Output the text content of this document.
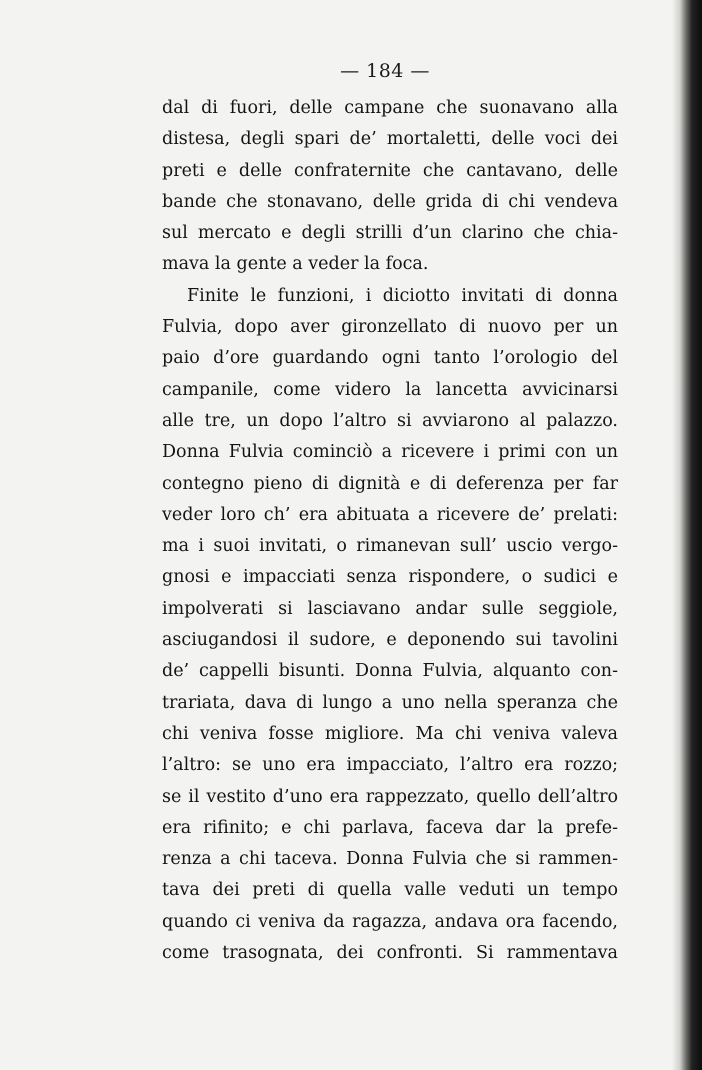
— 184 —
dal di fuori, delle campane che suonavano alla
distesa, degli spari de’ mortaletti, delle voci dei
preti e delle confraternite che cantavano, delle
bande che stonavano, delle grida di chi vendeva
sul mercato e degli strilli d’un clarino che chia-
mava la gente a veder la foca.
Finite le funzioni, i diciotto invitati di donna
Fulvia, dopo aver gironzellato di nuovo per un
paio d’ore guardando ogni tanto l’orologio del
campanile, come videro la lancetta avvicinarsi
alle tre, un dopo l’altro si avviarono al palazzo.
Donna Fulvia cominciò a ricevere i primi con un
contegno pieno di dignità e di deferenza per far
veder loro ch’ era abituata a ricevere de’ prelati:
ma i suoi invitati, o rimanevan sull’ uscio vergo-
gnosi e impacciati senza rispondere, o sudici e
impolverati si lasciavano andar sulle seggiole,
asciugandosi il sudore, e deponendo sui tavolini
de’ cappelli bisunti. Donna Fulvia, alquanto con-
trariata, dava di lungo a uno nella speranza che
chi veniva fosse migliore. Ma chi veniva valeva
l’altro: se uno era impacciato, l’altro era rozzo;
se il vestito d’uno era rappezzato, quello dell’altro
era rifinito; e chi parlava, faceva dar la prefe-
renza a chi taceva. Donna Fulvia che si rammen-
tava dei preti di quella valle veduti un tempo
quando ci veniva da ragazza, andava ora facendo,
come trasognata, dei confronti. Si rammentava
